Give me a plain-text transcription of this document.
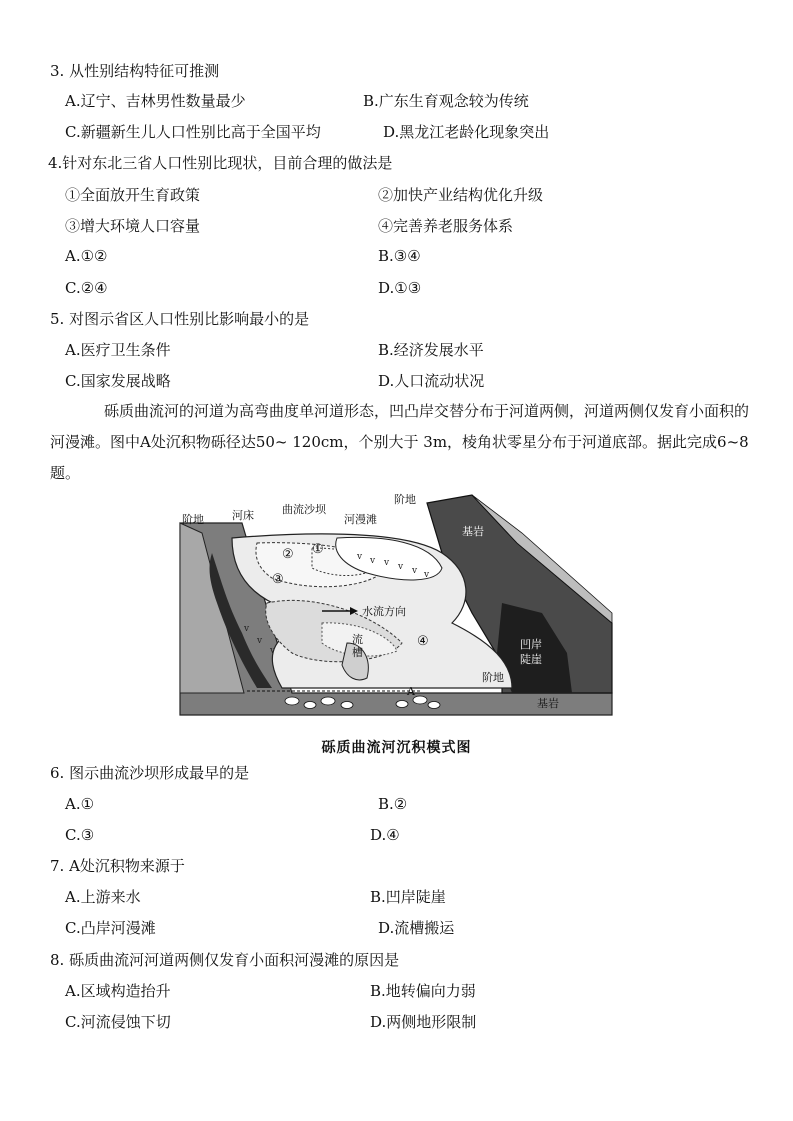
3. 从性别结构特征可推测
A.辽宁、吉林男性数量最少	B.广东生育观念较为传统
C.新疆新生儿人口性别比高于全国平均	D.黑龙江老龄化现象突出
4.针对东北三省人口性别比现状，目前合理的做法是
①全面放开生育政策	②加快产业结构优化升级
③增大环境人口容量	④完善养老服务体系
A.①②	B.③④
C.②④	D.①③
5. 对图示省区人口性别比影响最小的是
A.医疗卫生条件	B.经济发展水平
C.国家发展战略	D.人口流动状况
砾质曲流河的河道为高弯曲度单河道形态，凹凸岸交替分布于河道两侧，河道两侧仅发育小面积的河漫滩。图中A处沉积物砾径达50~ 120cm，个别大于 3m，棱角状零星分布于河道底部。据此完成6~8题。
v v v v v v
v
v
v
阶地	河床	曲流沙坝
河漫滩
阶地
基岩
水流方向
流
槽
凹岸
陡崖
阶地
基岩
A
①
②
③
④
砾质曲流河沉积模式图
6. 图示曲流沙坝形成最早的是
A.①	B.②
C.③	D.④
7. A处沉积物来源于
A.上游来水	B.凹岸陡崖
C.凸岸河漫滩	D.流槽搬运
8. 砾质曲流河河道两侧仅发育小面积河漫滩的原因是
A.区域构造抬升	B.地转偏向力弱
C.河流侵蚀下切	D.两侧地形限制
